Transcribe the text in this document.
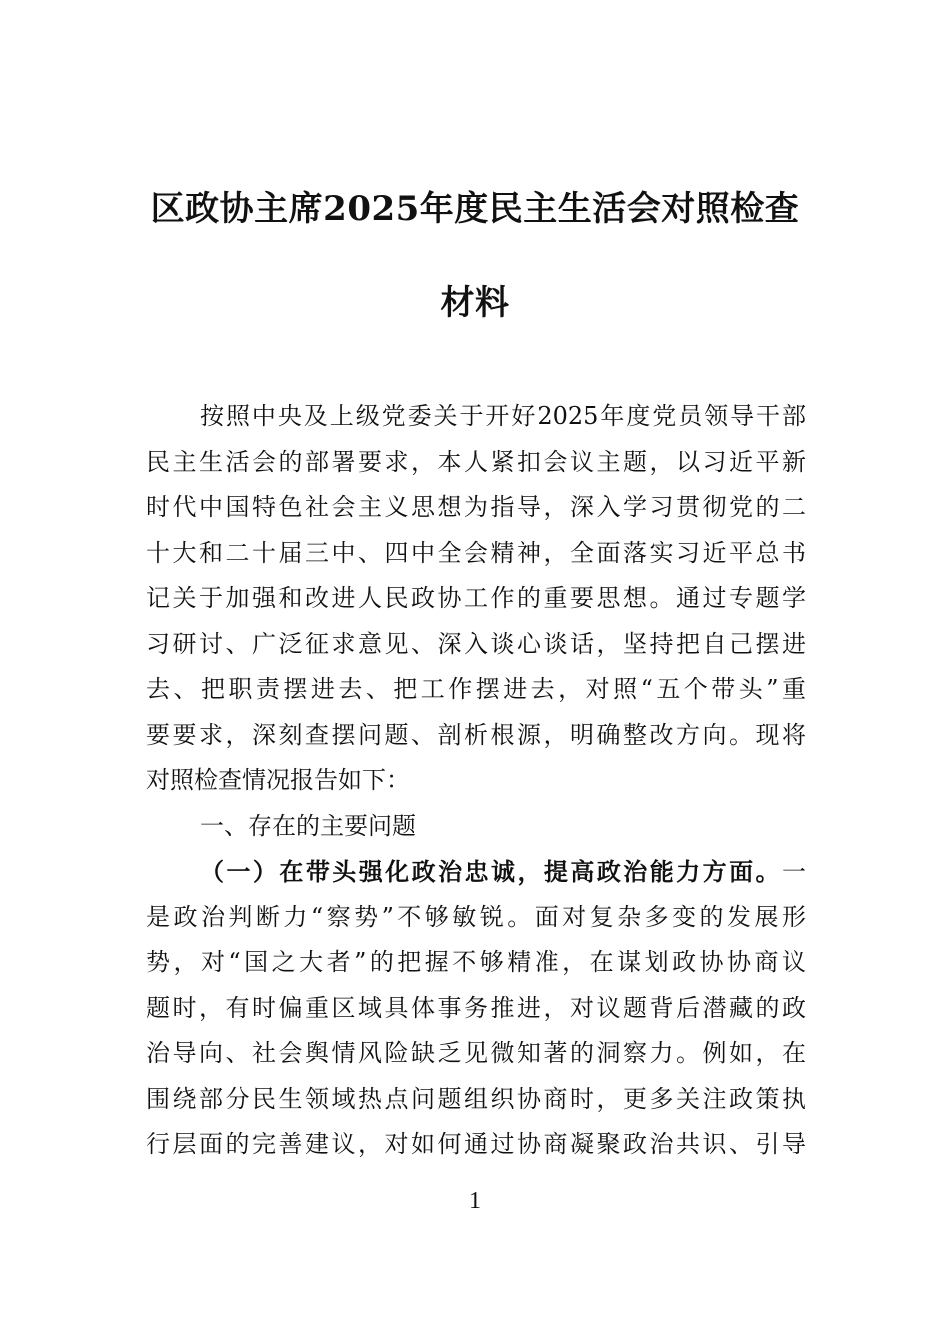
区政协主席2025年度民主生活会对照检查
材料
按照中央及上级党委关于开好2025年度党员领导干部
民主生活会的部署要求，本人紧扣会议主题，以习近平新
时代中国特色社会主义思想为指导，深入学习贯彻党的二
十大和二十届三中、四中全会精神，全面落实习近平总书
记关于加强和改进人民政协工作的重要思想。通过专题学
习研讨、广泛征求意见、深入谈心谈话，坚持把自己摆进
去、把职责摆进去、把工作摆进去，对照“五个带头”重
要要求，深刻查摆问题、剖析根源，明确整改方向。现将
对照检查情况报告如下：
一、存在的主要问题
（一）在带头强化政治忠诚，提高政治能力方面。一
是政治判断力“察势”不够敏锐。面对复杂多变的发展形
势，对“国之大者”的把握不够精准，在谋划政协协商议
题时，有时偏重区域具体事务推进，对议题背后潜藏的政
治导向、社会舆情风险缺乏见微知著的洞察力。例如，在
围绕部分民生领域热点问题组织协商时，更多关注政策执
行层面的完善建议，对如何通过协商凝聚政治共识、引导
1
